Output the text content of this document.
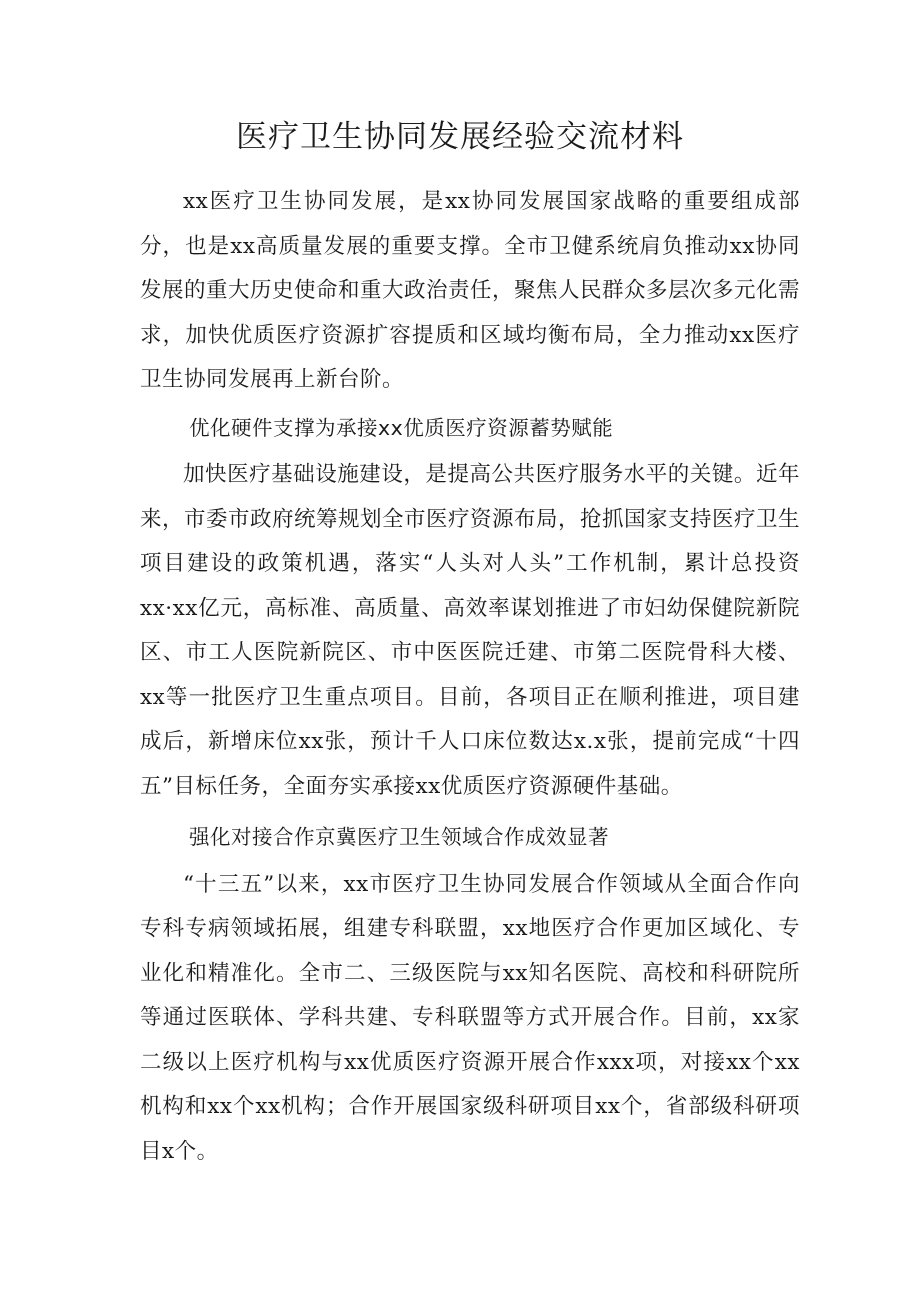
医疗卫生协同发展经验交流材料

xx医疗卫生协同发展，是xx协同发展国家战略的重要组成部分，也是xx高质量发展的重要支撑。全市卫健系统肩负推动xx协同发展的重大历史使命和重大政治责任，聚焦人民群众多层次多元化需求，加快优质医疗资源扩容提质和区域均衡布局，全力推动xx医疗卫生协同发展再上新台阶。

优化硬件支撑为承接xx优质医疗资源蓄势赋能

加快医疗基础设施建设，是提高公共医疗服务水平的关键。近年来，市委市政府统筹规划全市医疗资源布局，抢抓国家支持医疗卫生项目建设的政策机遇，落实“人头对人头”工作机制，累计总投资xx·xx亿元，高标准、高质量、高效率谋划推进了市妇幼保健院新院区、市工人医院新院区、市中医医院迁建、市第二医院骨科大楼、xx等一批医疗卫生重点项目。目前，各项目正在顺利推进，项目建成后，新增床位xx张，预计千人口床位数达x.x张，提前完成“十四五”目标任务，全面夯实承接xx优质医疗资源硬件基础。

强化对接合作京冀医疗卫生领域合作成效显著

“十三五”以来，xx市医疗卫生协同发展合作领域从全面合作向专科专病领域拓展，组建专科联盟，xx地医疗合作更加区域化、专业化和精准化。全市二、三级医院与xx知名医院、高校和科研院所等通过医联体、学科共建、专科联盟等方式开展合作。目前，xx家二级以上医疗机构与xx优质医疗资源开展合作xxx项，对接xx个xx机构和xx个xx机构；合作开展国家级科研项目xx个，省部级科研项目x个。
